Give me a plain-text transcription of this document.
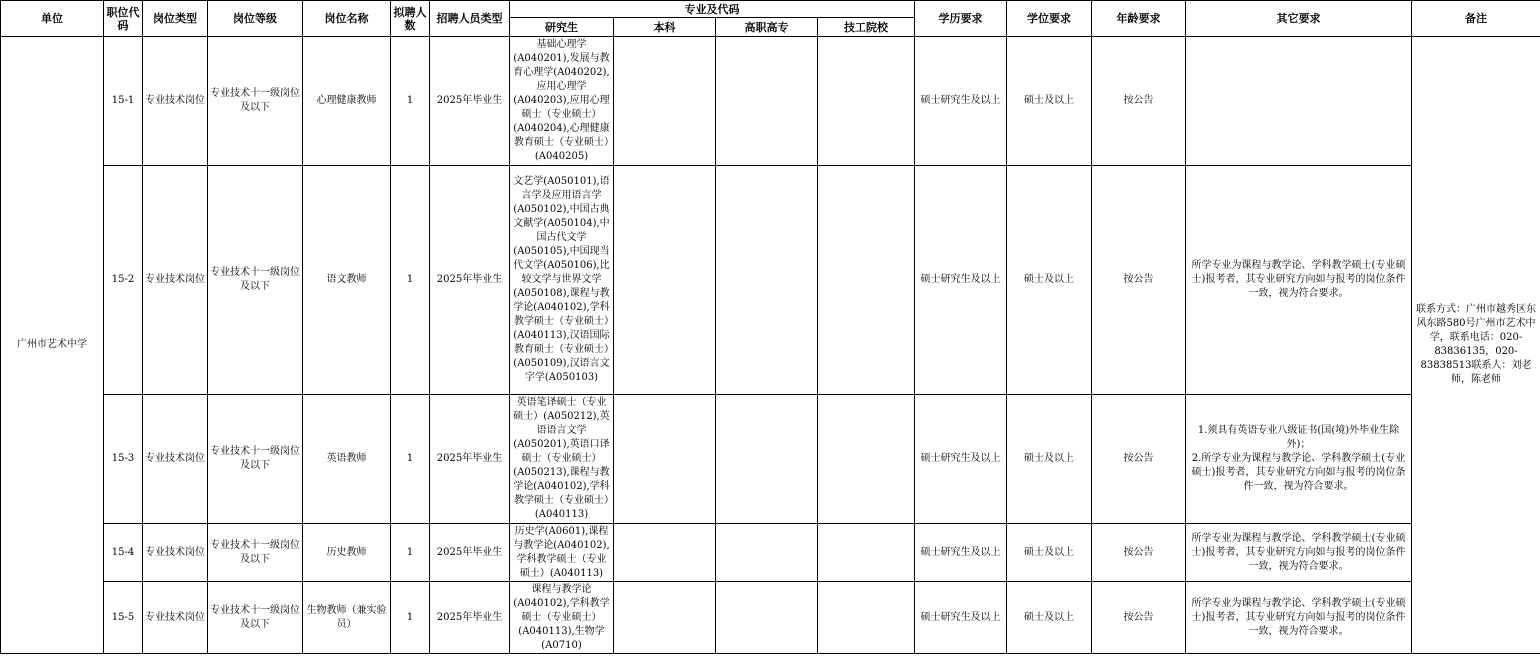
单位	职位代码	岗位类型	岗位等级	岗位名称	拟聘人数	招聘人员类型	专业及代码				学历要求	学位要求	年龄要求	其它要求	备注
							研究生	本科	高职高专	技工院校					
广州市艺术中学	15-1	专业技术岗位	专业技术十一级岗位及以下	心理健康教师	1	2025年毕业生	基础心理学(A040201),发展与教育心理学(A040202),应用心理学(A040203),应用心理硕士（专业硕士）(A040204),心理健康教育硕士（专业硕士）(A040205)				硕士研究生及以上	硕士及以上	按公告		联系方式：广州市越秀区东风东路580号广州市艺术中学，联系电话：020-83836135，020-83838513联系人：刘老师，陈老师
	15-2	专业技术岗位	专业技术十一级岗位及以下	语文教师	1	2025年毕业生	文艺学(A050101),语言学及应用语言学(A050102),中国古典文献学(A050104),中国古代文学(A050105),中国现当代文学(A050106),比较文学与世界文学(A050108),课程与教学论(A040102),学科教学硕士（专业硕士）(A040113),汉语国际教育硕士（专业硕士）(A050109),汉语言文字学(A050103)				硕士研究生及以上	硕士及以上	按公告	所学专业为课程与教学论、学科教学硕士(专业硕士)报考者，其专业研究方向如与报考的岗位条件一致，视为符合要求。	
	15-3	专业技术岗位	专业技术十一级岗位及以下	英语教师	1	2025年毕业生	英语笔译硕士（专业硕士）(A050212),英语语言文学(A050201),英语口译硕士（专业硕士）(A050213),课程与教学论(A040102),学科教学硕士（专业硕士）(A040113)				硕士研究生及以上	硕士及以上	按公告	1.须具有英语专业八级证书(国(境)外毕业生除外)；
2.所学专业为课程与教学论、学科教学硕士(专业硕士)报考者，其专业研究方向如与报考的岗位条件一致，视为符合要求。	

	15-4	专业技术岗位	专业技术十一级岗位及以下	历史教师	1	2025年毕业生	历史学(A0601),课程与教学论(A040102),学科教学硕士（专业硕士）(A040113)				硕士研究生及以上	硕士及以上	按公告	所学专业为课程与教学论、学科教学硕士(专业硕士)报考者，其专业研究方向如与报考的岗位条件一致，视为符合要求。	
	15-5	专业技术岗位	专业技术十一级岗位及以下	生物教师（兼实验员）	1	2025年毕业生	课程与教学论(A040102),学科教学硕士（专业硕士）(A040113),生物学(A0710)				硕士研究生及以上	硕士及以上	按公告	所学专业为课程与教学论、学科教学硕士(专业硕士)报考者，其专业研究方向如与报考的岗位条件一致，视为符合要求。	
